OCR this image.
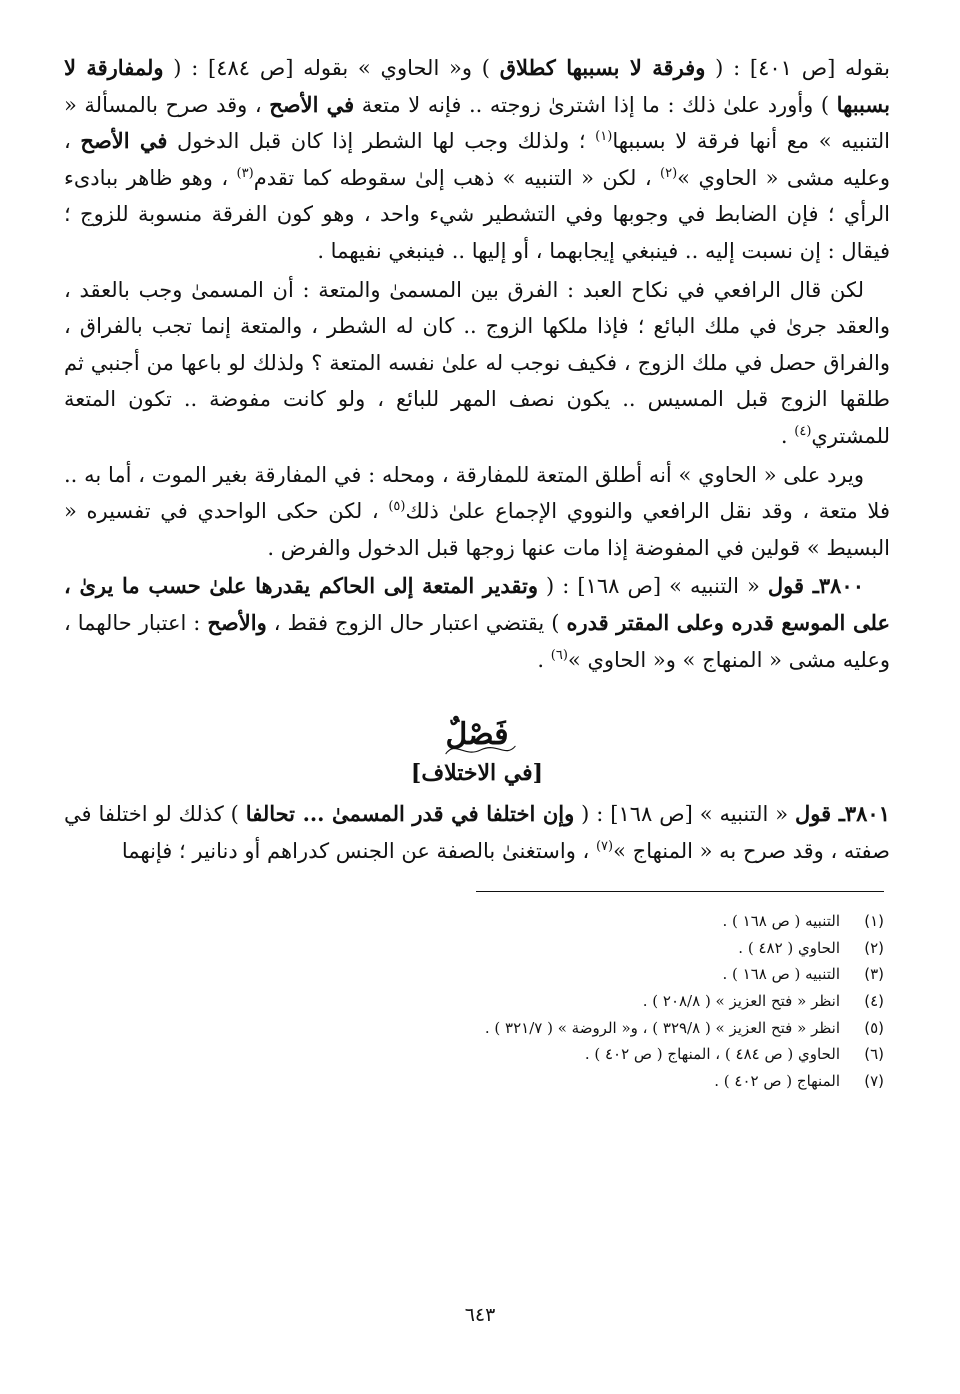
بقوله [ص ٤٠١] : ( وفرقة لا بسببها كطلاق ) و« الحاوي » بقوله [ص ٤٨٤] : ( ولمفارقة لا بسببها ) وأورد علىٰ ذلك : ما إذا اشترىٰ زوجته .. فإنه لا متعة في الأصح ، وقد صرح بالمسألة « التنبيه » مع أنها فرقة لا بسببها$^{(١)}$ ؛ ولذلك وجب لها الشطر إذا كان قبل الدخول في الأصح ، وعليه مشى « الحاوي »$^{(٢)}$ ، لكن « التنبيه » ذهب إلىٰ سقوطه كما تقدم$^{(٣)}$ ، وهو ظاهر ببادىء الرأي ؛ فإن الضابط في وجوبها وفي التشطير شيء واحد ، وهو كون الفرقة منسوبة للزوج ؛ فيقال : إن نسبت إليه .. فينبغي إيجابهما ، أو إليها .. فينبغي نفيهما .

لكن قال الرافعي في نكاح العبد : الفرق بين المسمىٰ والمتعة : أن المسمىٰ وجب بالعقد ، والعقد جرىٰ في ملك البائع ؛ فإذا ملكها الزوج .. كان له الشطر ، والمتعة إنما تجب بالفراق ، والفراق حصل في ملك الزوج ، فكيف نوجب له علىٰ نفسه المتعة ؟ ولذلك لو باعها من أجنبي ثم طلقها الزوج قبل المسيس .. يكون نصف المهر للبائع ، ولو كانت مفوضة .. تكون المتعة للمشتري$^{(٤)}$ .

ويرد على « الحاوي » أنه أطلق المتعة للمفارقة ، ومحله : في المفارقة بغير الموت ، أما به .. فلا متعة ، وقد نقل الرافعي والنووي الإجماع علىٰ ذلك$^{(٥)}$ ، لكن حكى الواحدي في تفسيره « البسيط » قولين في المفوضة إذا مات عنها زوجها قبل الدخول والفرض .

٣٨٠٠ـ قول « التنبيه » [ص ١٦٨] : ( وتقدير المتعة إلى الحاكم يقدرها علىٰ حسب ما يرىٰ ، على الموسع قدره وعلى المقتر قدره ) يقتضي اعتبار حال الزوج فقط ، والأصح : اعتبار حالهما ، وعليه مشى « المنهاج » و« الحاوي »$^{(٦)}$ .

فَصْلٌ
[في الاختلاف]

٣٨٠١ـ قول « التنبيه » [ص ١٦٨] : ( وإن اختلفا في قدر المسمىٰ ... تحالفا ) كذلك لو اختلفا في صفته ، وقد صرح به « المنهاج »$^{(٧)}$ ، واستغنىٰ بالصفة عن الجنس كدراهم أو دنانير ؛ فإنهما

(١)
التنبيه ( ص ١٦٨ ) .
(٢)
الحاوي ( ٤٨٢ ) .
(٣)
التنبيه ( ص ١٦٨ ) .
(٤)
انظر « فتح العزيز » ( ٢٠٨/٨ ) .
(٥)
انظر « فتح العزيز » ( ٣٢٩/٨ ) ، و« الروضة » ( ٣٢١/٧ ) .
(٦)
الحاوي ( ص ٤٨٤ ) ، المنهاج ( ص ٤٠٢ ) .
(٧)
المنهاج ( ص ٤٠٢ ) .
٦٤٣
